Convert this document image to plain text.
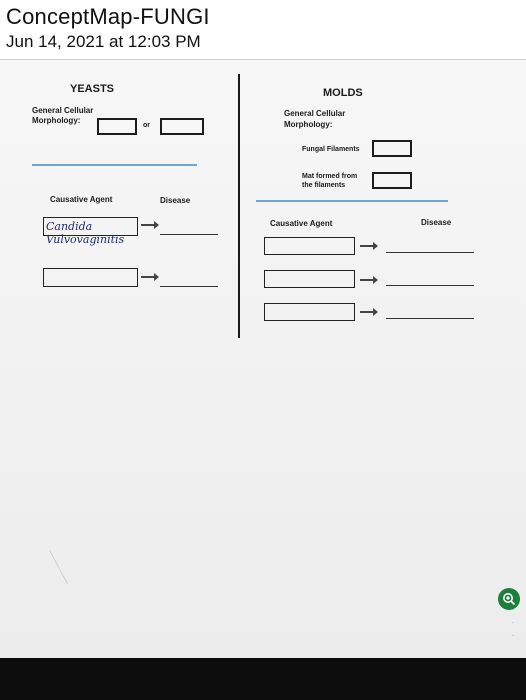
ConceptMap-FUNGI
Jun 14, 2021 at 12:03 PM
YEASTS
General Cellular
Morphology:
or
Causative Agent	Disease
Candida Vulvovaginitis
MOLDS
General Cellular
Morphology:
Fungal Filaments
Mat formed from
the filaments
Causative Agent	Disease
·
·
